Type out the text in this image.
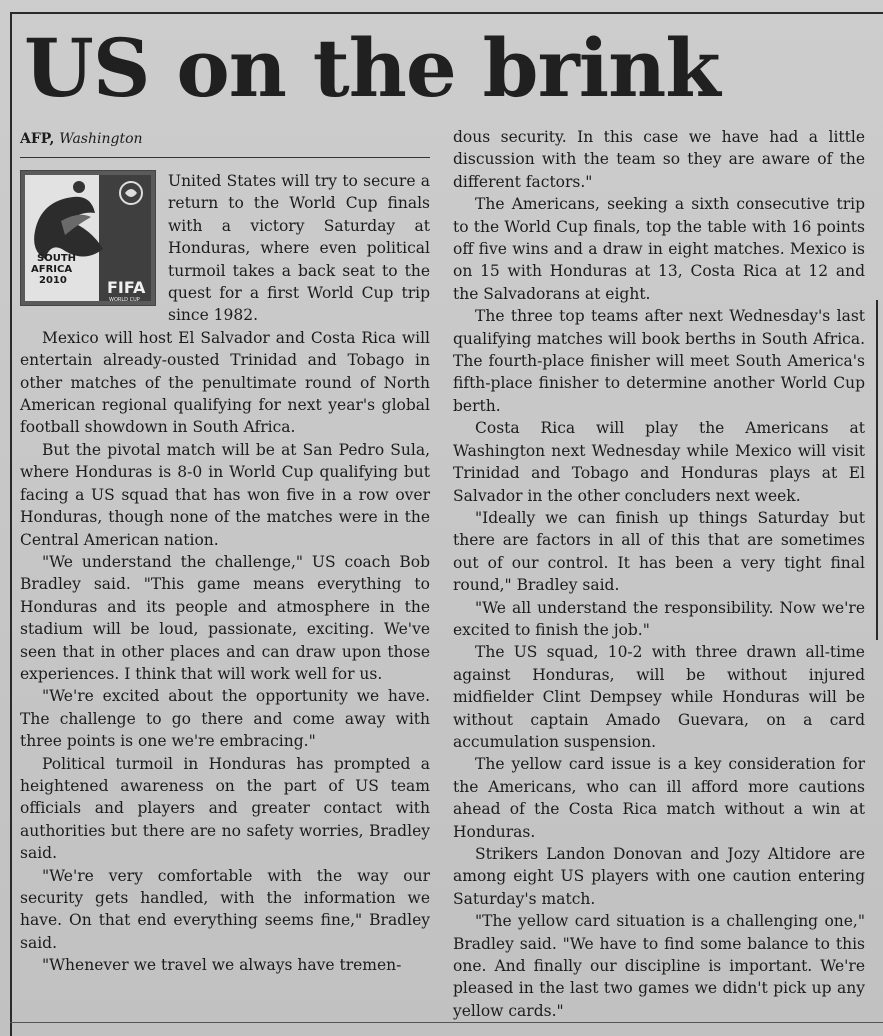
US on the brink
AFP, Washington
SOUTH
AFRICA
2010	FIFA
WORLD CUP

United States will try to secure a return to the World Cup finals with a victory Saturday at Honduras, where even political turmoil takes a back seat to the quest for a first World Cup trip since 1982.

Mexico will host El Salvador and Costa Rica will entertain already-ousted Trinidad and Tobago in other matches of the penultimate round of North American regional qualifying for next year's global football showdown in South Africa.

But the pivotal match will be at San Pedro Sula, where Honduras is 8-0 in World Cup qualifying but facing a US squad that has won five in a row over Honduras, though none of the matches were in the Central American nation.

"We understand the challenge," US coach Bob Bradley said. "This game means everything to Honduras and its people and atmosphere in the stadium will be loud, passionate, exciting. We've seen that in other places and can draw upon those experiences. I think that will work well for us.

"We're excited about the opportunity we have. The challenge to go there and come away with three points is one we're embracing."

Political turmoil in Honduras has prompted a heightened awareness on the part of US team officials and players and greater contact with authorities but there are no safety worries, Bradley said.

"We're very comfortable with the way our security gets handled, with the information we have. On that end everything seems fine," Bradley said.

"Whenever we travel we always have tremen-

dous security. In this case we have had a little discussion with the team so they are aware of the different factors."

The Americans, seeking a sixth consecutive trip to the World Cup finals, top the table with 16 points off five wins and a draw in eight matches. Mexico is on 15 with Honduras at 13, Costa Rica at 12 and the Salvadorans at eight.

The three top teams after next Wednesday's last qualifying matches will book berths in South Africa. The fourth-place finisher will meet South America's fifth-place finisher to determine another World Cup berth.

Costa Rica will play the Americans at Washington next Wednesday while Mexico will visit Trinidad and Tobago and Honduras plays at El Salvador in the other concluders next week.

"Ideally we can finish up things Saturday but there are factors in all of this that are sometimes out of our control. It has been a very tight final round," Bradley said.

"We all understand the responsibility. Now we're excited to finish the job."

The US squad, 10-2 with three drawn all-time against Honduras, will be without injured midfielder Clint Dempsey while Honduras will be without captain Amado Guevara, on a card accumulation suspension.

The yellow card issue is a key consideration for the Americans, who can ill afford more cautions ahead of the Costa Rica match without a win at Honduras.

Strikers Landon Donovan and Jozy Altidore are among eight US players with one caution entering Saturday's match.

"The yellow card situation is a challenging one," Bradley said. "We have to find some balance to this one. And finally our discipline is important. We're pleased in the last two games we didn't pick up any yellow cards."
